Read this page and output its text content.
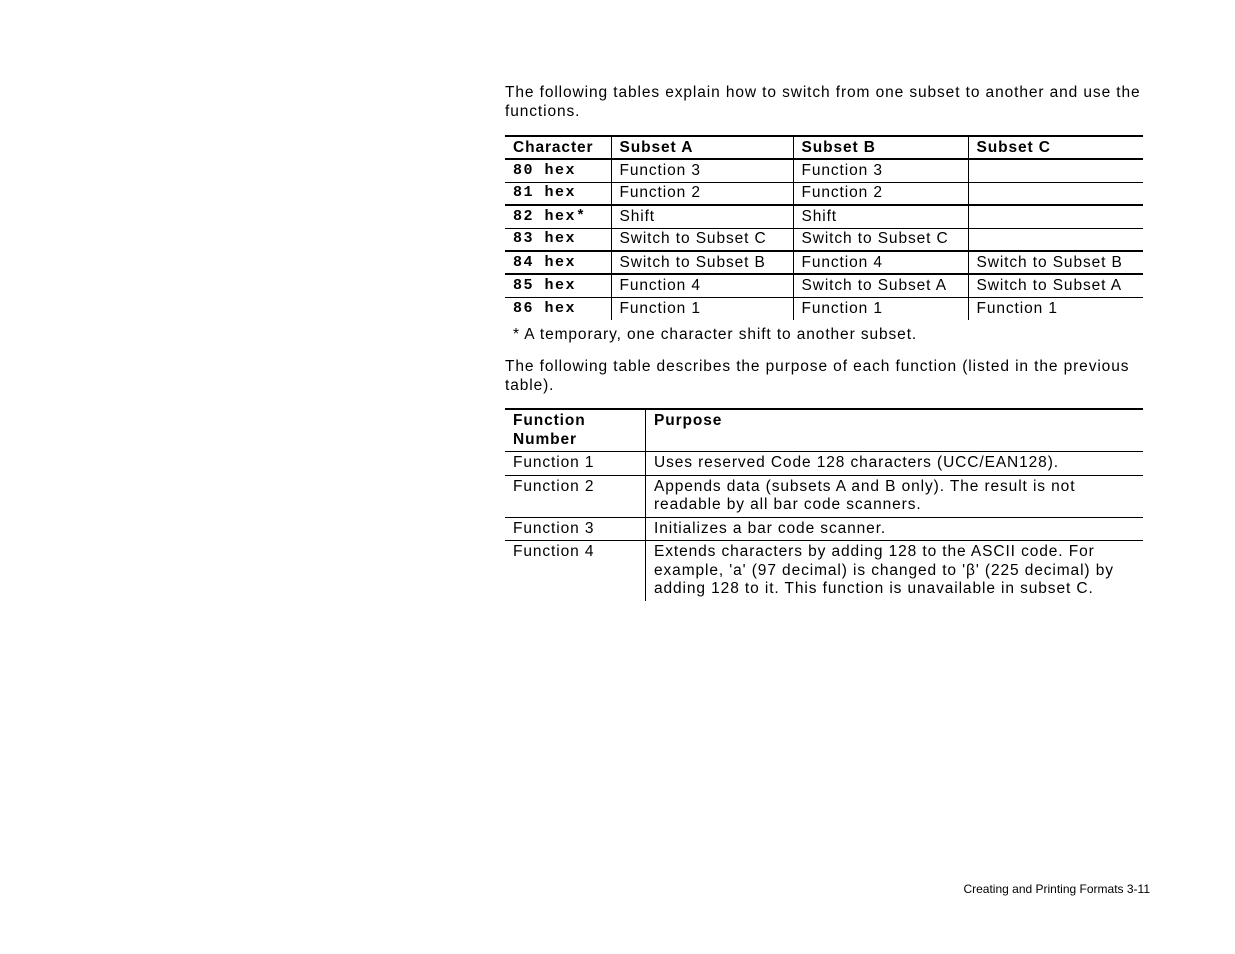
The following tables explain how to switch from one subset to another and use the functions.

Character	Subset A	Subset B	Subset C
80 hex	Function 3	Function 3	
81 hex	Function 2	Function 2	
82 hex*	Shift	Shift	
83 hex	Switch to Subset C	Switch to Subset C	
84 hex	Switch to Subset B	Function 4	Switch to Subset B
85 hex	Function 4	Switch to Subset A	Switch to Subset A
86 hex	Function 1	Function 1	Function 1
* A temporary, one character shift to another subset.

The following table describes the purpose of each function (listed in the previous table).

Function Number	Purpose
Function 1	Uses reserved Code 128 characters (UCC/EAN128).
Function 2	Appends data (subsets A and B only). The result is not readable by all bar code scanners.
Function 3	Initializes a bar code scanner.
Function 4	Extends characters by adding 128 to the ASCII code. For example, 'a' (97 decimal) is changed to 'β' (225 decimal) by adding 128 to it. This function is unavailable in subset C.
Creating and Printing Formats 3-11
